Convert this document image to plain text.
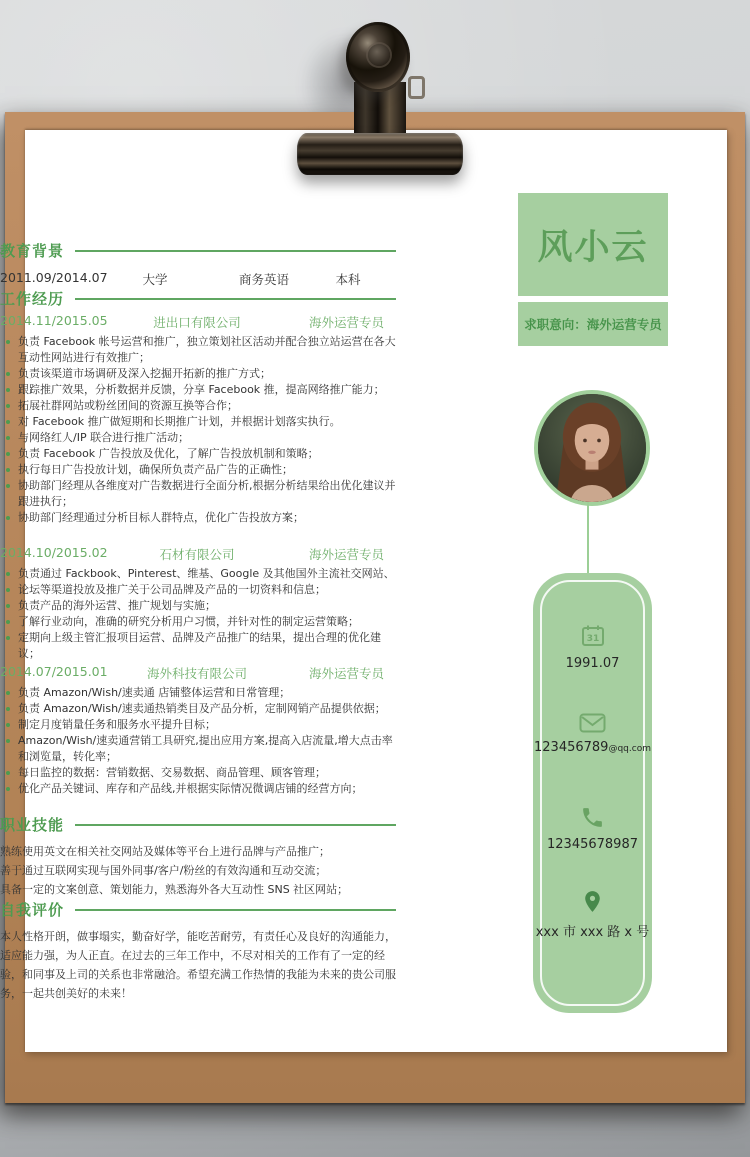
教育背景
2011.09/2014.07	大学	商务英语	本科
工作经历
2014.11/2015.05	进出口有限公司	海外运营专员
负责 Facebook 帐号运营和推广，独立策划社区活动并配合独立站运营在各大互动性网站进行有效推广；
负责该渠道市场调研及深入挖掘开拓新的推广方式；
跟踪推广效果，分析数据并反馈，分享 Facebook 推，提高网络推广能力；
拓展社群网站或粉丝团间的资源互换等合作；
对 Facebook 推广做短期和长期推广计划，并根据计划落实执行。
与网络红人/IP 联合进行推广活动；
负责 Facebook 广告投放及优化，了解广告投放机制和策略；
执行每日广告投放计划，确保所负责产品广告的正确性；
协助部门经理从各维度对广告数据进行全面分析,根据分析结果给出优化建议并跟进执行；
协助部门经理通过分析目标人群特点，优化广告投放方案；
2014.10/2015.02	石材有限公司	海外运营专员
负责通过 Fackbook、Pinterest、维基、Google 及其他国外主流社交网站、
论坛等渠道投放及推广关于公司品牌及产品的一切资料和信息；
负责产品的海外运营、推广规划与实施；
了解行业动向，准确的研究分析用户习惯，并针对性的制定运营策略；
定期向上级主管汇报项目运营、品牌及产品推广的结果，提出合理的优化建议；
2014.07/2015.01	海外科技有限公司	海外运营专员
负责 Amazon/Wish/速卖通 店铺整体运营和日常管理；
负责 Amazon/Wish/速卖通热销类目及产品分析，定制网销产品提供依据；
制定月度销量任务和服务水平提升目标；
Amazon/Wish/速卖通营销工具研究,提出应用方案,提高入店流量,增大点击率和浏览量，转化率；
每日监控的数据：营销数据、交易数据、商品管理、顾客管理；
优化产品关键词、库存和产品线,并根据实际情况微调店铺的经营方向；
职业技能

熟练使用英文在相关社交网站及媒体等平台上进行品牌与产品推广；

善于通过互联网实现与国外同事/客户/粉丝的有效沟通和互动交流；

具备一定的文案创意、策划能力，熟悉海外各大互动性 SNS 社区网站；

自我评价

本人性格开朗，做事塌实，勤奋好学，能吃苦耐劳，有责任心及良好的沟通能力，适应能力强，为人正直。在过去的三年工作中，不尽对相关的工作有了一定的经验，和同事及上司的关系也非常融洽。希望充满工作热情的我能为未来的贵公司服务，一起共创美好的未来！

风小云
求职意向：海外运营专员
31
1991.07
123456789@qq.com
12345678987
xxx 市 xxx 路 x 号
